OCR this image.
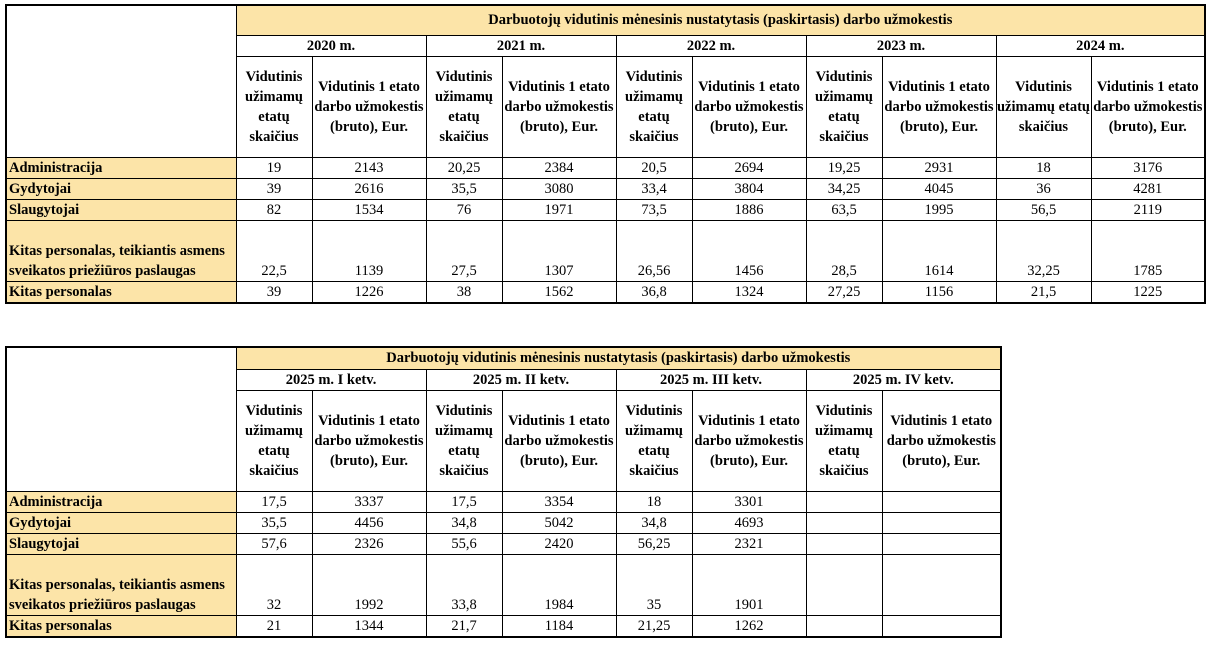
	Darbuotojų vidutinis mėnesinis nustatytasis (paskirtasis) darbo užmokestis									
	2020 m.		2021 m.		2022 m.		2023 m.		2024 m.	
	Vidutinis užimamų etatų skaičius	Vidutinis 1 etato darbo užmokestis (bruto), Eur.	Vidutinis užimamų etatų skaičius	Vidutinis 1 etato darbo užmokestis (bruto), Eur.	Vidutinis užimamų etatų skaičius	Vidutinis 1 etato darbo užmokestis (bruto), Eur.	Vidutinis užimamų etatų skaičius	Vidutinis 1 etato darbo užmokestis (bruto), Eur.	Vidutinis užimamų etatų skaičius	Vidutinis 1 etato darbo užmokestis (bruto), Eur.
Administracija	19	2143	20,25	2384	20,5	2694	19,25	2931	18	3176
Gydytojai	39	2616	35,5	3080	33,4	3804	34,25	4045	36	4281
Slaugytojai	82	1534	76	1971	73,5	1886	63,5	1995	56,5	2119
Kitas personalas, teikiantis asmens sveikatos priežiūros paslaugas	22,5	1139	27,5	1307	26,56	1456	28,5	1614	32,25	1785
Kitas personalas	39	1226	38	1562	36,8	1324	27,25	1156	21,5	1225
	Darbuotojų vidutinis mėnesinis nustatytasis (paskirtasis) darbo užmokestis							
	2025 m. I ketv.		2025 m. II ketv.		2025 m. III ketv.		2025 m. IV ketv.	
	Vidutinis užimamų etatų skaičius	Vidutinis 1 etato darbo užmokestis (bruto), Eur.	Vidutinis užimamų etatų skaičius	Vidutinis 1 etato darbo užmokestis (bruto), Eur.	Vidutinis užimamų etatų skaičius	Vidutinis 1 etato darbo užmokestis (bruto), Eur.	Vidutinis užimamų etatų skaičius	Vidutinis 1 etato darbo užmokestis (bruto), Eur.
Administracija	17,5	3337	17,5	3354	18	3301		
Gydytojai	35,5	4456	34,8	5042	34,8	4693		
Slaugytojai	57,6	2326	55,6	2420	56,25	2321		
Kitas personalas, teikiantis asmens sveikatos priežiūros paslaugas	32	1992	33,8	1984	35	1901		
Kitas personalas	21	1344	21,7	1184	21,25	1262		
